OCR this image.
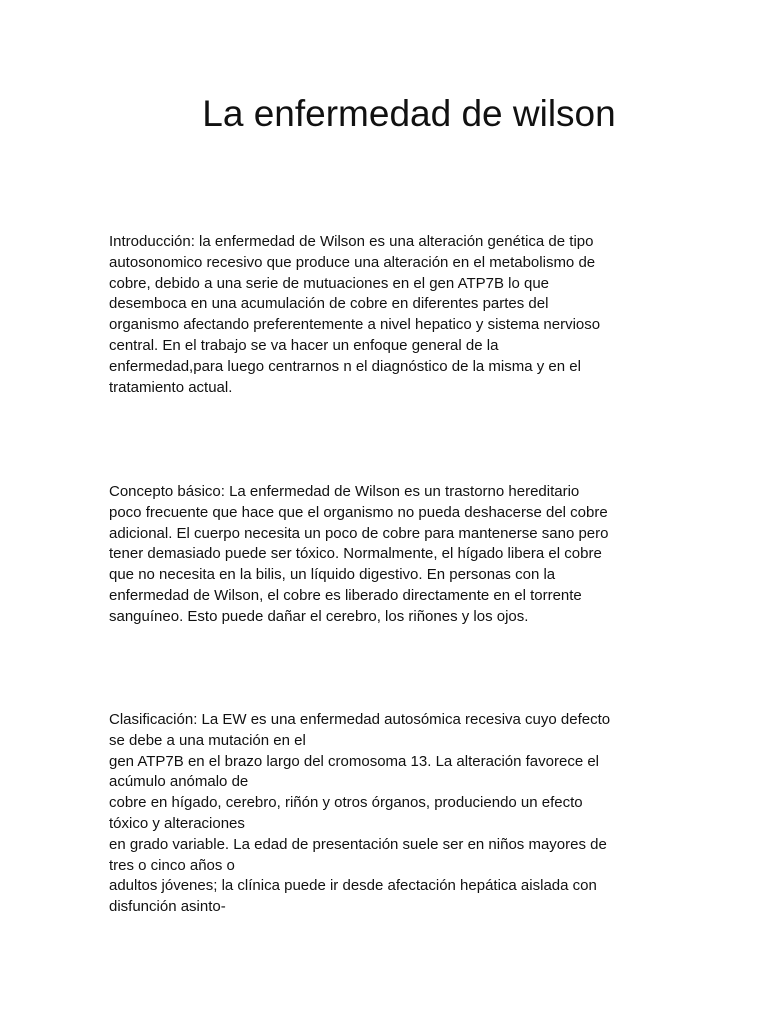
La enfermedad de wilson

Introducción: la enfermedad de Wilson es una alteración genética de tipo
autosonomico recesivo que produce una alteración en el metabolismo de
cobre, debido a una serie de mutuaciones en el gen ATP7B lo que
desemboca en una acumulación de cobre en diferentes partes del
organismo afectando preferentemente a nivel hepatico y sistema nervioso
central. En el trabajo se va hacer un enfoque general de la
enfermedad,para luego centrarnos n el diagnóstico de la misma y en el
tratamiento actual.

Concepto básico: La enfermedad de Wilson es un trastorno hereditario
poco frecuente que hace que el organismo no pueda deshacerse del cobre
adicional. El cuerpo necesita un poco de cobre para mantenerse sano pero
tener demasiado puede ser tóxico. Normalmente, el hígado libera el cobre
que no necesita en la bilis, un líquido digestivo. En personas con la
enfermedad de Wilson, el cobre es liberado directamente en el torrente
sanguíneo. Esto puede dañar el cerebro, los riñones y los ojos.

Clasificación: La EW es una enfermedad autosómica recesiva cuyo defecto
se debe a una mutación en el
gen ATP7B en el brazo largo del cromosoma 13. La alteración favorece el
acúmulo anómalo de
cobre en hígado, cerebro, riñón y otros órganos, produciendo un efecto
tóxico y alteraciones
en grado variable. La edad de presentación suele ser en niños mayores de
tres o cinco años o
adultos jóvenes; la clínica puede ir desde afectación hepática aislada con
disfunción asinto-
